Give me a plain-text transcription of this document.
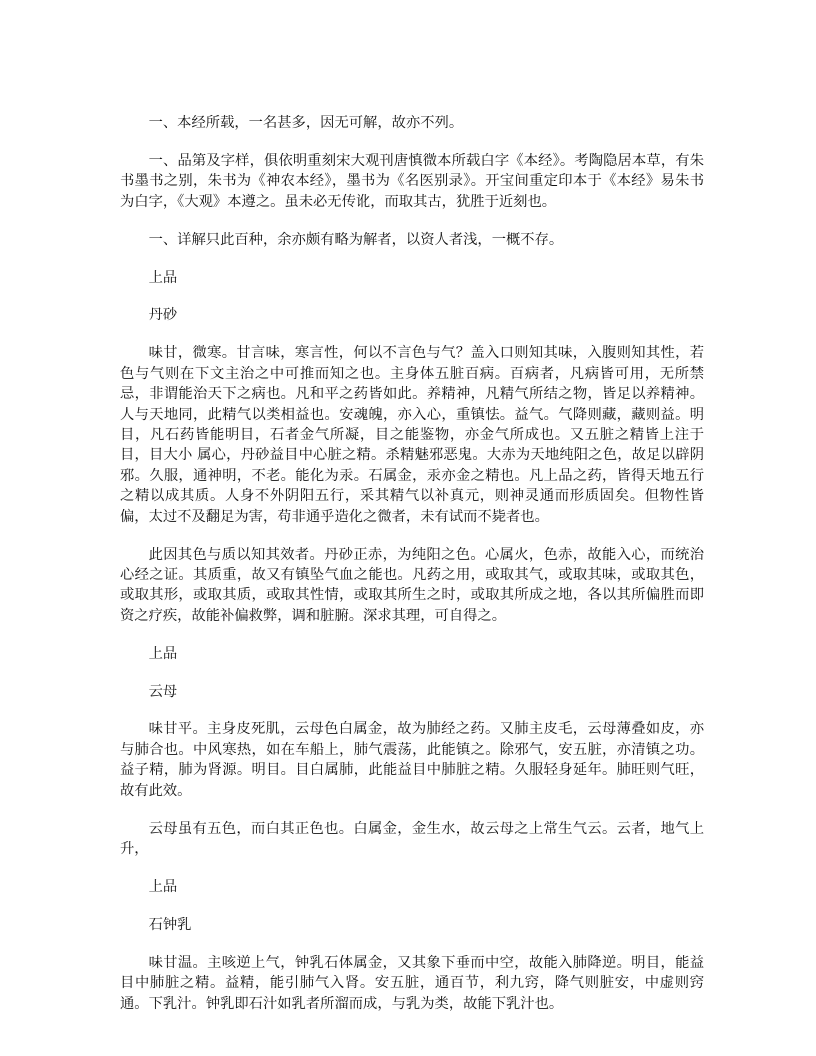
一、本经所载，一名甚多，因无可解，故亦不列。

一、品第及字样，俱依明重刻宋大观刊唐慎微本所载白字《本经》。考陶隐居本草，有朱书墨书之别，朱书为《神农本经》，墨书为《名医别录》。开宝间重定印本于《本经》易朱书为白字，《大观》本遵之。虽未必无传讹，而取其古，犹胜于近刻也。

一、详解只此百种，余亦颇有略为解者，以资人者浅，一概不存。

上品

丹砂

味甘，微寒。甘言味，寒言性，何以不言色与气？盖入口则知其味，入腹则知其性，若色与气则在下文主治之中可推而知之也。主身体五脏百病。百病者，凡病皆可用，无所禁忌，非谓能治天下之病也。凡和平之药皆如此。养精神，凡精气所结之物，皆足以养精神。人与天地同，此精气以类相益也。安魂魄，亦入心，重镇怯。益气。气降则藏，藏则益。明目，凡石药皆能明目，石者金气所凝，目之能鉴物，亦金气所成也。又五脏之精皆上注于目，目大小 属心，丹砂益目中心脏之精。杀精魅邪恶鬼。大赤为天地纯阳之色，故足以辟阴邪。久服，通神明，不老。能化为汞。石属金，汞亦金之精也。凡上品之药，皆得天地五行之精以成其质。人身不外阴阳五行，采其精气以补真元，则神灵通而形质固矣。但物性皆偏，太过不及翻足为害，苟非通乎造化之微者，未有试而不毙者也。

此因其色与质以知其效者。丹砂正赤，为纯阳之色。心属火，色赤，故能入心，而统治心经之证。其质重，故又有镇坠气血之能也。凡药之用，或取其气，或取其味，或取其色，或取其形，或取其质，或取其性情，或取其所生之时，或取其所成之地，各以其所偏胜而即资之疗疾，故能补偏救弊，调和脏腑。深求其理，可自得之。

上品

云母

味甘平。主身皮死肌，云母色白属金，故为肺经之药。又肺主皮毛，云母薄叠如皮，亦与肺合也。中风寒热，如在车船上，肺气震荡，此能镇之。除邪气，安五脏，亦清镇之功。益子精，肺为肾源。明目。目白属肺，此能益目中肺脏之精。久服轻身延年。肺旺则气旺，故有此效。

云母虽有五色，而白其正色也。白属金，金生水，故云母之上常生气云。云者，地气上升，

上品

石钟乳

味甘温。主咳逆上气，钟乳石体属金，又其象下垂而中空，故能入肺降逆。明目，能益目中肺脏之精。益精，能引肺气入肾。安五脏，通百节，利九窍，降气则脏安，中虚则窍通。下乳汁。钟乳即石汁如乳者所溜而成，与乳为类，故能下乳汁也。
